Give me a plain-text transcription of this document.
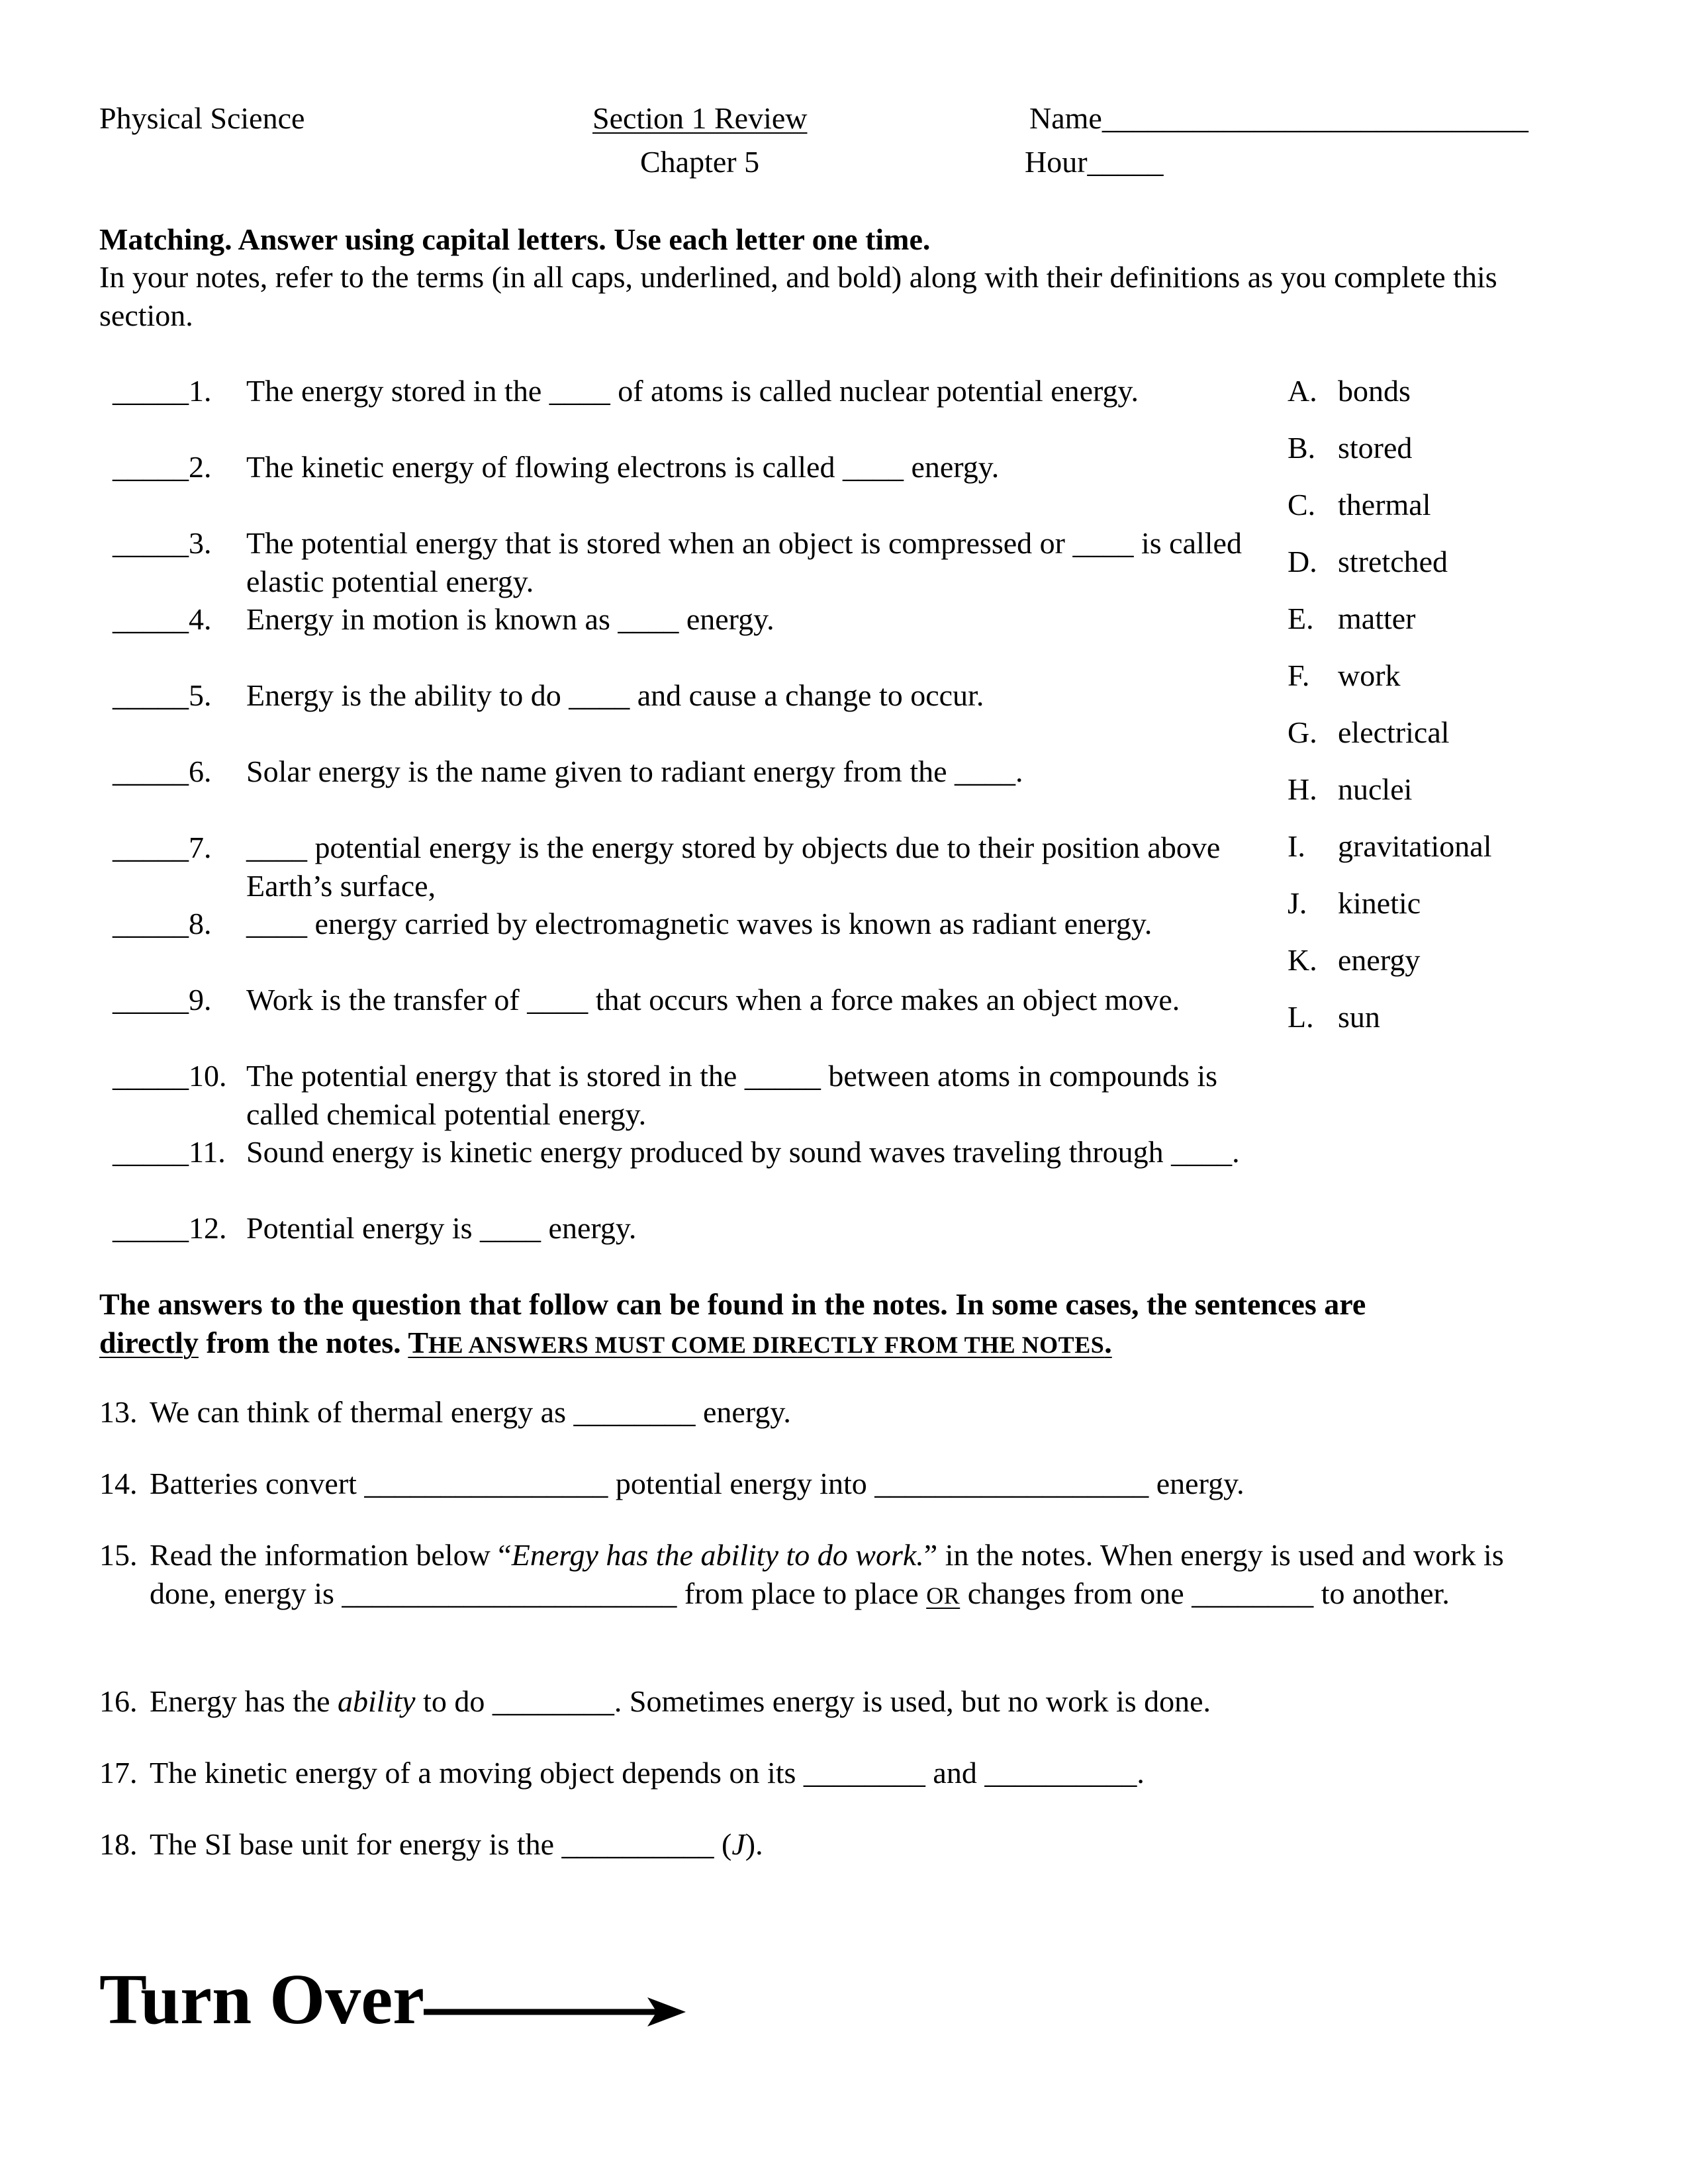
Physical Science	Section 1 Review
Chapter 5
Name____________________________
Hour_____
Matching. Answer using capital letters. Use each letter one time.
In your notes, refer to the terms (in all caps, underlined, and bold) along with their definitions as you complete this section.
_____1.	The energy stored in the ____ of atoms is called nuclear potential energy.
_____2.	The kinetic energy of flowing electrons is called ____ energy.
_____3.	The potential energy that is stored when an object is compressed or ____ is called elastic potential energy.
_____4.	Energy in motion is known as ____ energy.
_____5.	Energy is the ability to do ____ and cause a change to occur.
_____6.	Solar energy is the name given to radiant energy from the ____.
_____7.	____ potential energy is the energy stored by objects due to their position above Earth’s surface,
_____8.	____ energy carried by electromagnetic waves is known as radiant energy.
_____9.	Work is the transfer of ____ that occurs when a force makes an object move.
_____10. The potential energy that is stored in the _____ between atoms in compounds is called chemical potential energy.
_____11. Sound energy is kinetic energy produced by sound waves traveling through ____.
_____12. Potential energy is ____ energy.
A. bonds
B. stored
C. thermal
D. stretched
E. matter
F. work
G. electrical
H. nuclei
I. gravitational
J. kinetic
K. energy
L. sun
The answers to the question that follow can be found in the notes. In some cases, the sentences are
directly from the notes. THE ANSWERS MUST COME DIRECTLY FROM THE NOTES.
13. We can think of thermal energy as ________ energy.
14. Batteries convert ________________ potential energy into __________________ energy.
15. Read the information below “Energy has the ability to do work.” in the notes. When energy is used and work is done, energy is ______________________ from place to place OR changes from one ________ to another.
16. Energy has the ability to do ________. Sometimes energy is used, but no work is done.
17. The kinetic energy of a moving object depends on its ________ and __________.
18. The SI base unit for energy is the __________ (J).
Turn Over
